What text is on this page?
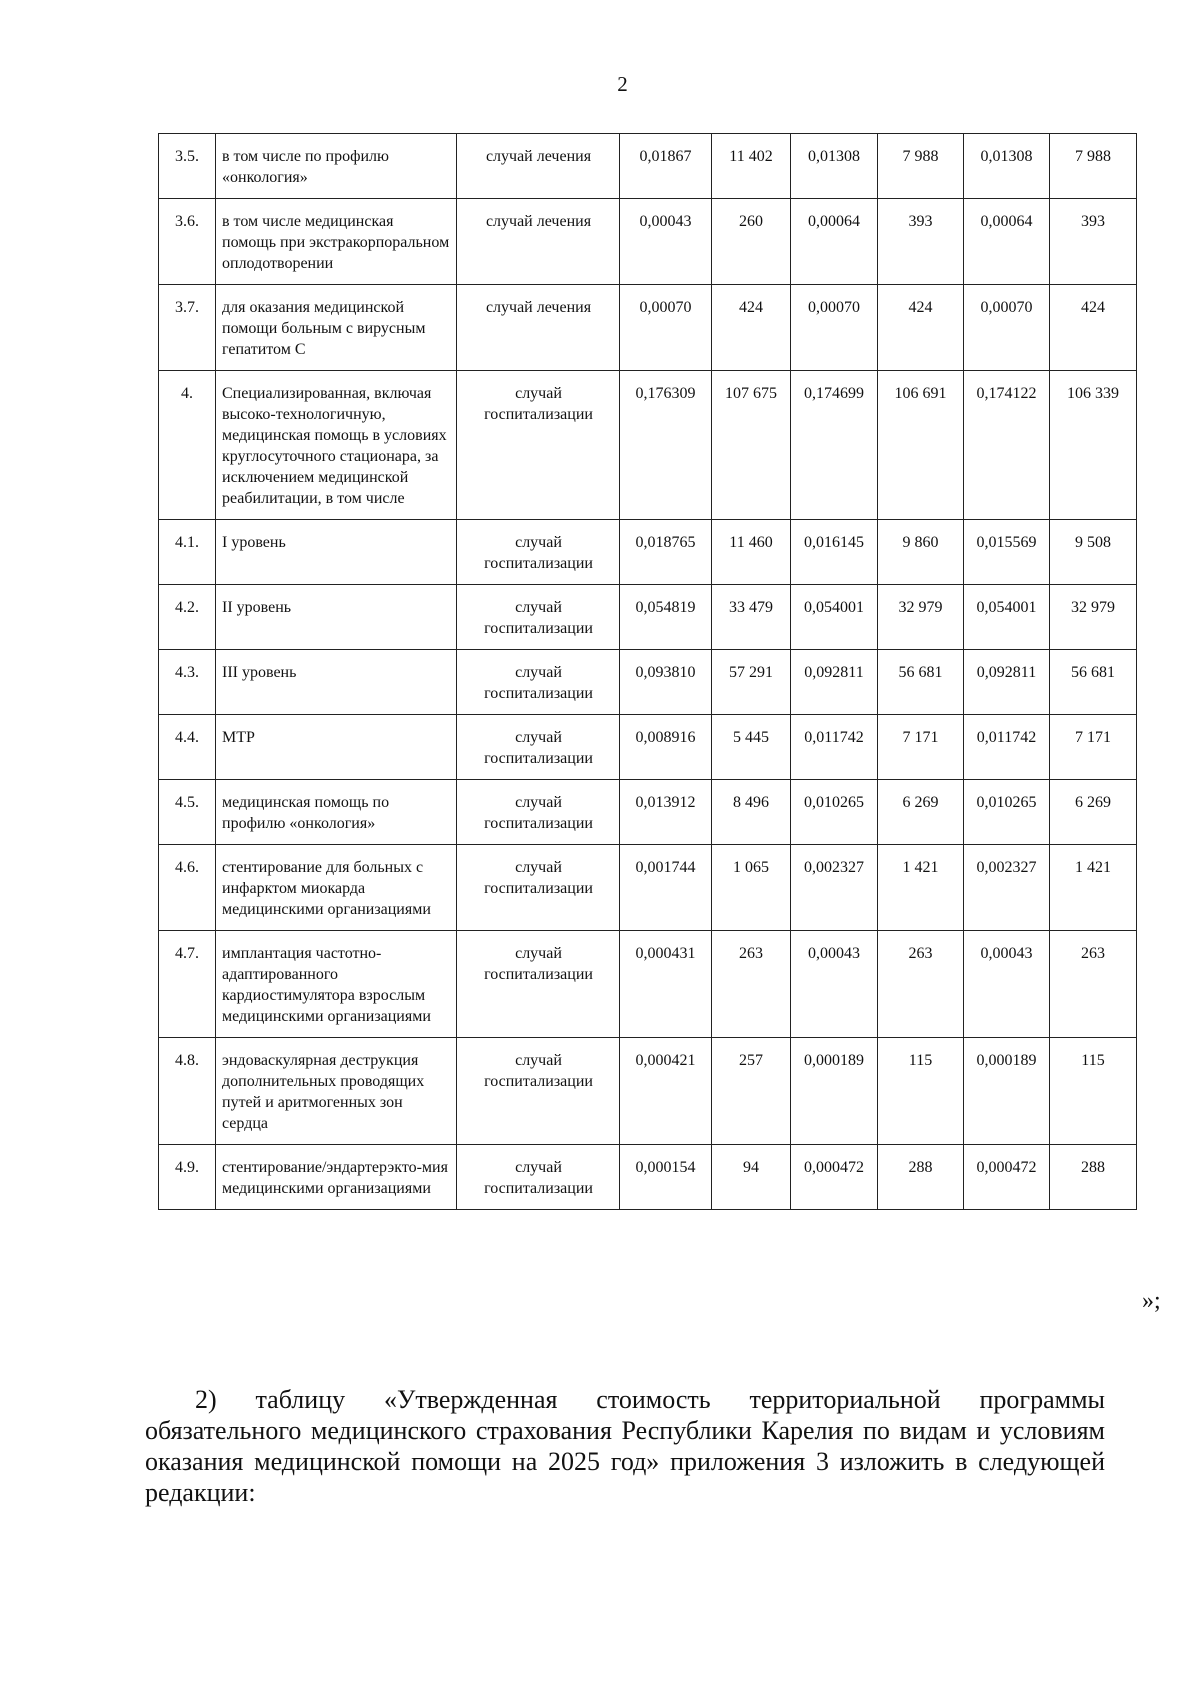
2
3.5.	в том числе по профилю «онкология»	случай лечения	0,01867	11 402	0,01308	7 988	0,01308	7 988
3.6.	в том числе медицинская помощь при экстракорпоральном оплодотворении	случай лечения	0,00043	260	0,00064	393	0,00064	393
3.7.	для оказания медицинской помощи больным с вирусным гепатитом С	случай лечения	0,00070	424	0,00070	424	0,00070	424
4.	Специализированная, включая высоко-технологичную, медицинская помощь в условиях круглосуточного стационара, за исключением медицинской реабилитации, в том числе	случай госпитализации	0,176309	107 675	0,174699	106 691	0,174122	106 339
4.1.	I уровень	случай госпитализации	0,018765	11 460	0,016145	9 860	0,015569	9 508
4.2.	II уровень	случай госпитализации	0,054819	33 479	0,054001	32 979	0,054001	32 979
4.3.	III уровень	случай госпитализации	0,093810	57 291	0,092811	56 681	0,092811	56 681
4.4.	МТР	случай госпитализации	0,008916	5 445	0,011742	7 171	0,011742	7 171
4.5.	медицинская помощь по профилю «онкология»	случай госпитализации	0,013912	8 496	0,010265	6 269	0,010265	6 269
4.6.	стентирование для больных с инфарктом миокарда медицинскими организациями	случай госпитализации	0,001744	1 065	0,002327	1 421	0,002327	1 421
4.7.	имплантация частотно-адаптированного кардиостимулятора взрослым медицинскими организациями	случай госпитализации	0,000431	263	0,00043	263	0,00043	263
4.8.	эндоваскулярная деструкция дополнительных проводящих путей и аритмогенных зон сердца	случай госпитализации	0,000421	257	0,000189	115	0,000189	115
4.9.	стентирование/эндартерэкто-мия медицинскими организациями	случай госпитализации	0,000154	94	0,000472	288	0,000472	288
»;

2) таблицу «Утвержденная стоимость территориальной программы обязательного медицинского страхования Республики Карелия по видам и условиям оказания медицинской помощи на 2025 год» приложения 3 изложить в следующей редакции:
